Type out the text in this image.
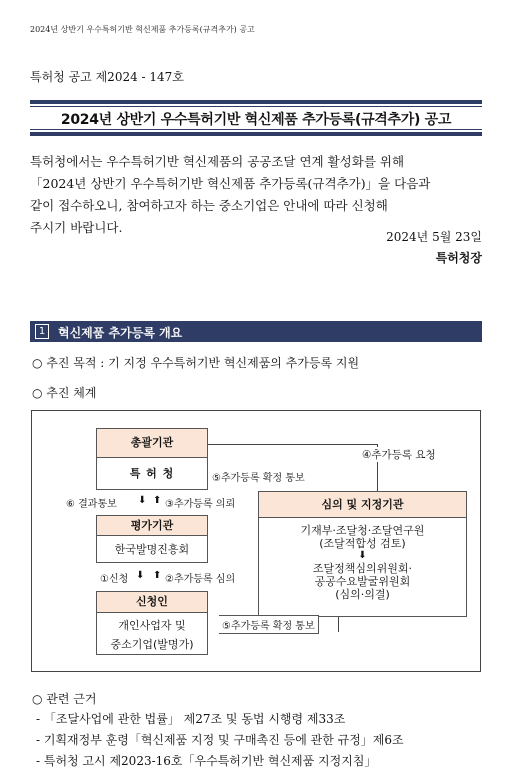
2024년 상반기 우수특허기반 혁신제품 추가등록(규격추가) 공고
특허청 공고 제2024 - 147호
2024년 상반기 우수특허기반 혁신제품 추가등록(규격추가) 공고
특허청에서는 우수특허기반 혁신제품의 공공조달 연계 활성화를 위해
「2024년 상반기 우수특허기반 혁신제품 추가등록(규격추가)」을 다음과
같이 접수하오니, 참여하고자 하는 중소기업은 안내에 따라 신청해
주시기 바랍니다.
2024년 5월 23일
특허청장
1	혁신제품 추가등록 개요
○ 추진 목적 : 기 지정 우수특허기반 혁신제품의 추가등록 지원
○ 추진 체계
총괄기관
특 허 청
평가기관
한국발명진흥회
신청인
개인사업자 및
중소기업(발명가)
심의 및 지정기관
기재부·조달청·조달연구원
(조달적합성 검토)
⬇
조달정책심의위원회·
공공수요발굴위원회
(심의·의결)
④추가등록 요청
⑤추가등록 확정 통보
⑥ 결과통보 ⬇ ⬆ ③추가등록 의뢰
①신청 ⬇ ⬆ ②추가등록 심의
⑤추가등록 확정 통보
○ 관련 근거
- 「조달사업에 관한 법률」 제27조 및 동법 시행령 제33조
- 기획재정부 훈령「혁신제품 지정 및 구매촉진 등에 관한 규정」제6조
- 특허청 고시 제2023-16호「우수특허기반 혁신제품 지정지침」
